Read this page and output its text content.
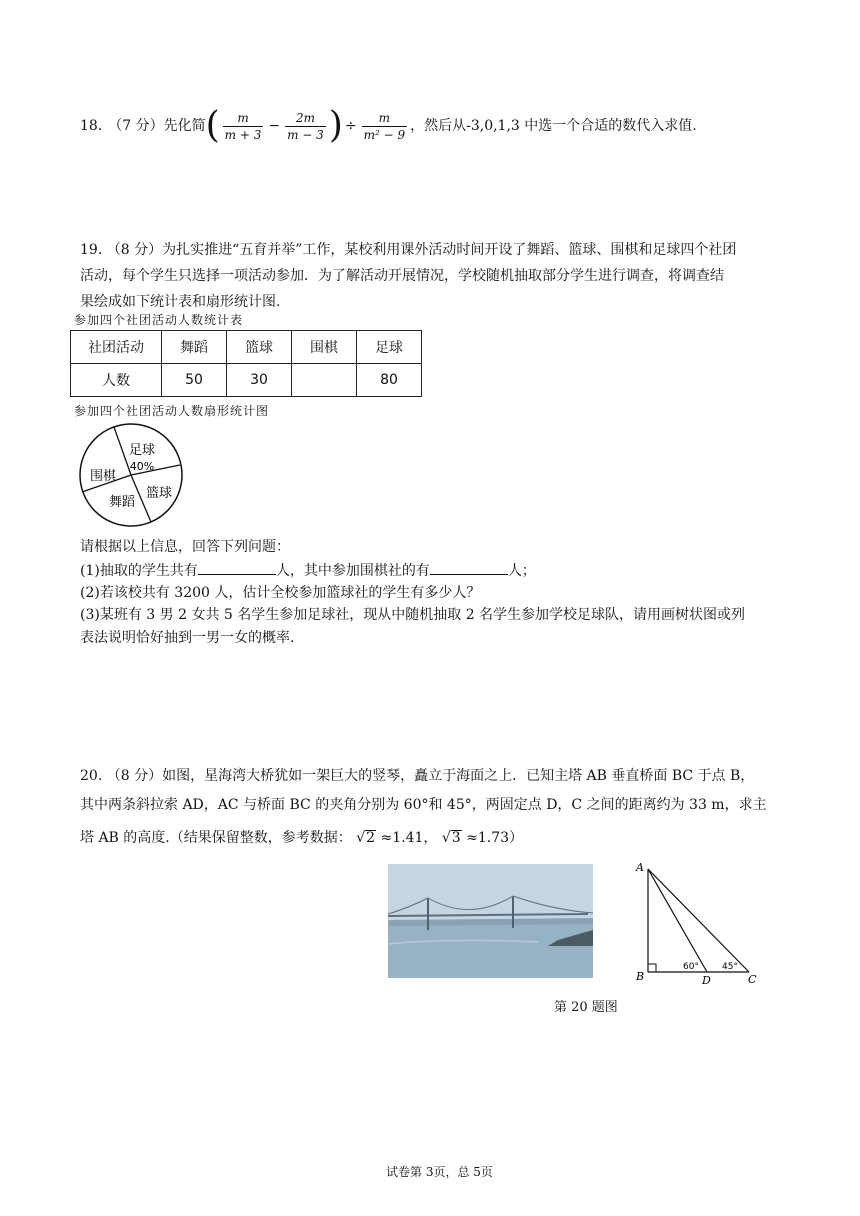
18. （7 分）先化简 ( $\frac{m}{m + 3} - \frac{2m}{m - 3}$ ) ÷ $\frac{m}{\text{m² − 9}}$ ，然后从-3,0,1,3 中选一个合适的数代入求值.
19. （8 分）为扎实推进“五育并举”工作，某校利用课外活动时间开设了舞蹈、篮球、围棋和足球四个社团
活动，每个学生只选择一项活动参加．为了解活动开展情况，学校随机抽取部分学生进行调查，将调查结
果绘成如下统计表和扇形统计图.
参加四个社团活动人数统计表
社团活动	舞蹈	篮球	围棋	足球
人数	50	30		80
参加四个社团活动人数扇形统计图
足球
40%
围棋
篮球
舞蹈
请根据以上信息，回答下列问题：
(1)抽取的学生共有	人，其中参加围棋社的有	人；
(2)若该校共有 3200 人，估计全校参加篮球社的学生有多少人？
(3)某班有 3 男 2 女共 5 名学生参加足球社，现从中随机抽取 2 名学生参加学校足球队，请用画树状图或列
表法说明恰好抽到一男一女的概率.
20. （8 分）如图，星海湾大桥犹如一架巨大的竖琴，矗立于海面之上．已知主塔 AB 垂直桥面 BC 于点 B，
其中两条斜拉索 AD，AC 与桥面 BC 的夹角分别为 60°和 45°，两固定点 D，C 之间的距离约为 33 m，求主
塔 AB 的高度.（结果保留整数，参考数据： √2 ≈1.41， √3 ≈1.73）
A
B	D	C
60°	45°
第 20 题图
试卷第 3页，总 5页
